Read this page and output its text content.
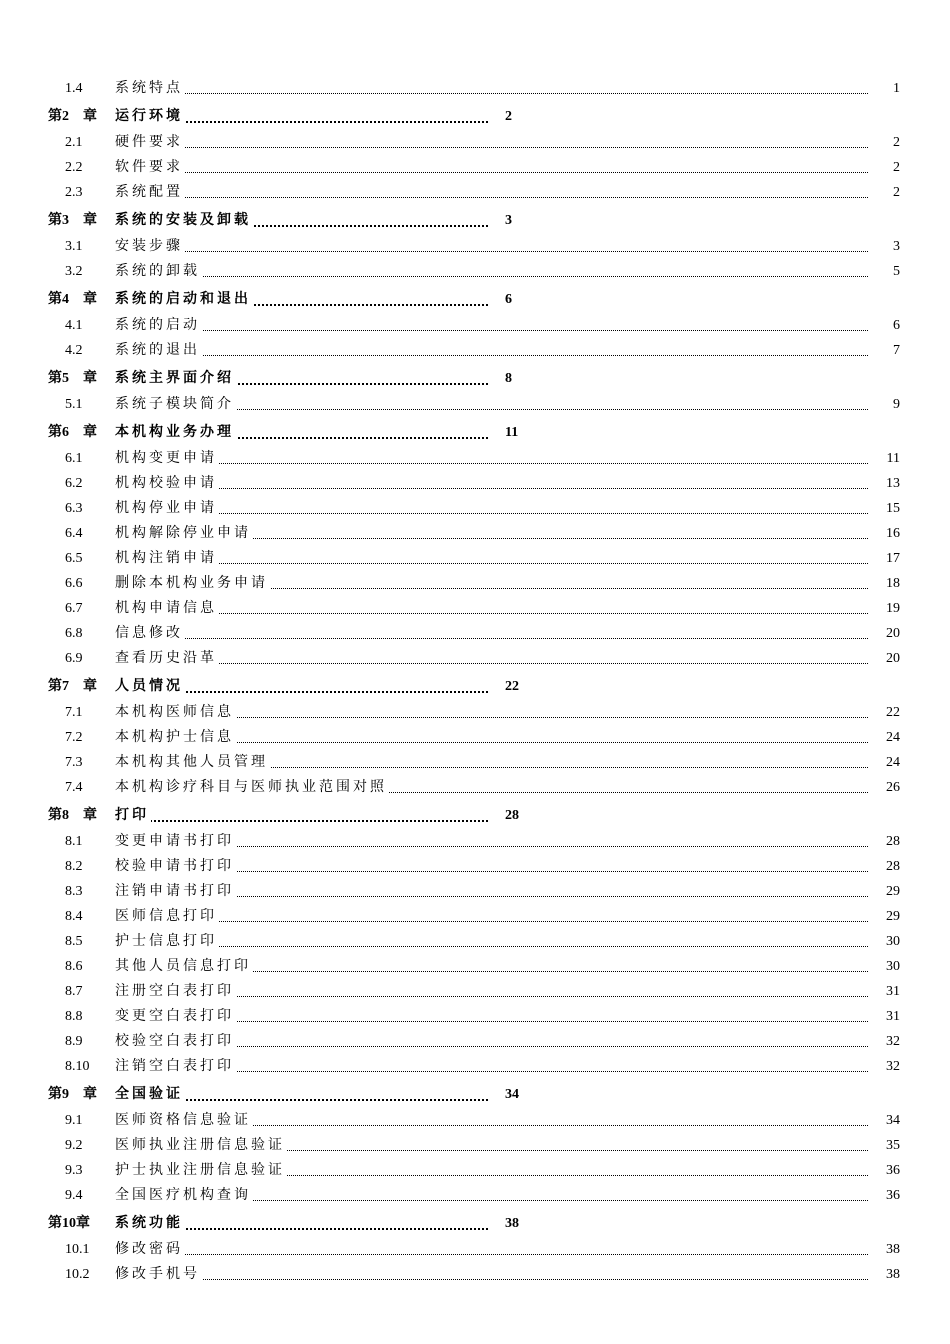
1.4 系统特点	1
第2　章 运行环境	2
2.1 硬件要求	2
2.2 软件要求	2
2.3 系统配置	2
第3　章 系统的安装及卸载	3
3.1 安装步骤	3
3.2 系统的卸载	5
第4　章 系统的启动和退出	6
4.1 系统的启动	6
4.2 系统的退出	7
第5　章 系统主界面介绍	8
5.1 系统子模块简介	9
第6　章 本机构业务办理	11
6.1 机构变更申请	11
6.2 机构校验申请	13
6.3 机构停业申请	15
6.4 机构解除停业申请	16
6.5 机构注销申请	17
6.6 删除本机构业务申请	18
6.7 机构申请信息	19
6.8 信息修改	20
6.9 查看历史沿革	20
第7　章 人员情况	22
7.1 本机构医师信息	22
7.2 本机构护士信息	24
7.3 本机构其他人员管理	24
7.4 本机构诊疗科目与医师执业范围对照	26
第8　章 打印	28
8.1 变更申请书打印	28
8.2 校验申请书打印	28
8.3 注销申请书打印	29
8.4 医师信息打印	29
8.5 护士信息打印	30
8.6 其他人员信息打印	30
8.7 注册空白表打印	31
8.8 变更空白表打印	31
8.9 校验空白表打印	32
8.10 注销空白表打印	32
第9　章 全国验证	34
9.1 医师资格信息验证	34
9.2 医师执业注册信息验证	35
9.3 护士执业注册信息验证	36
9.4 全国医疗机构查询	36
第10章 系统功能	38
10.1 修改密码	38
10.2 修改手机号	38
